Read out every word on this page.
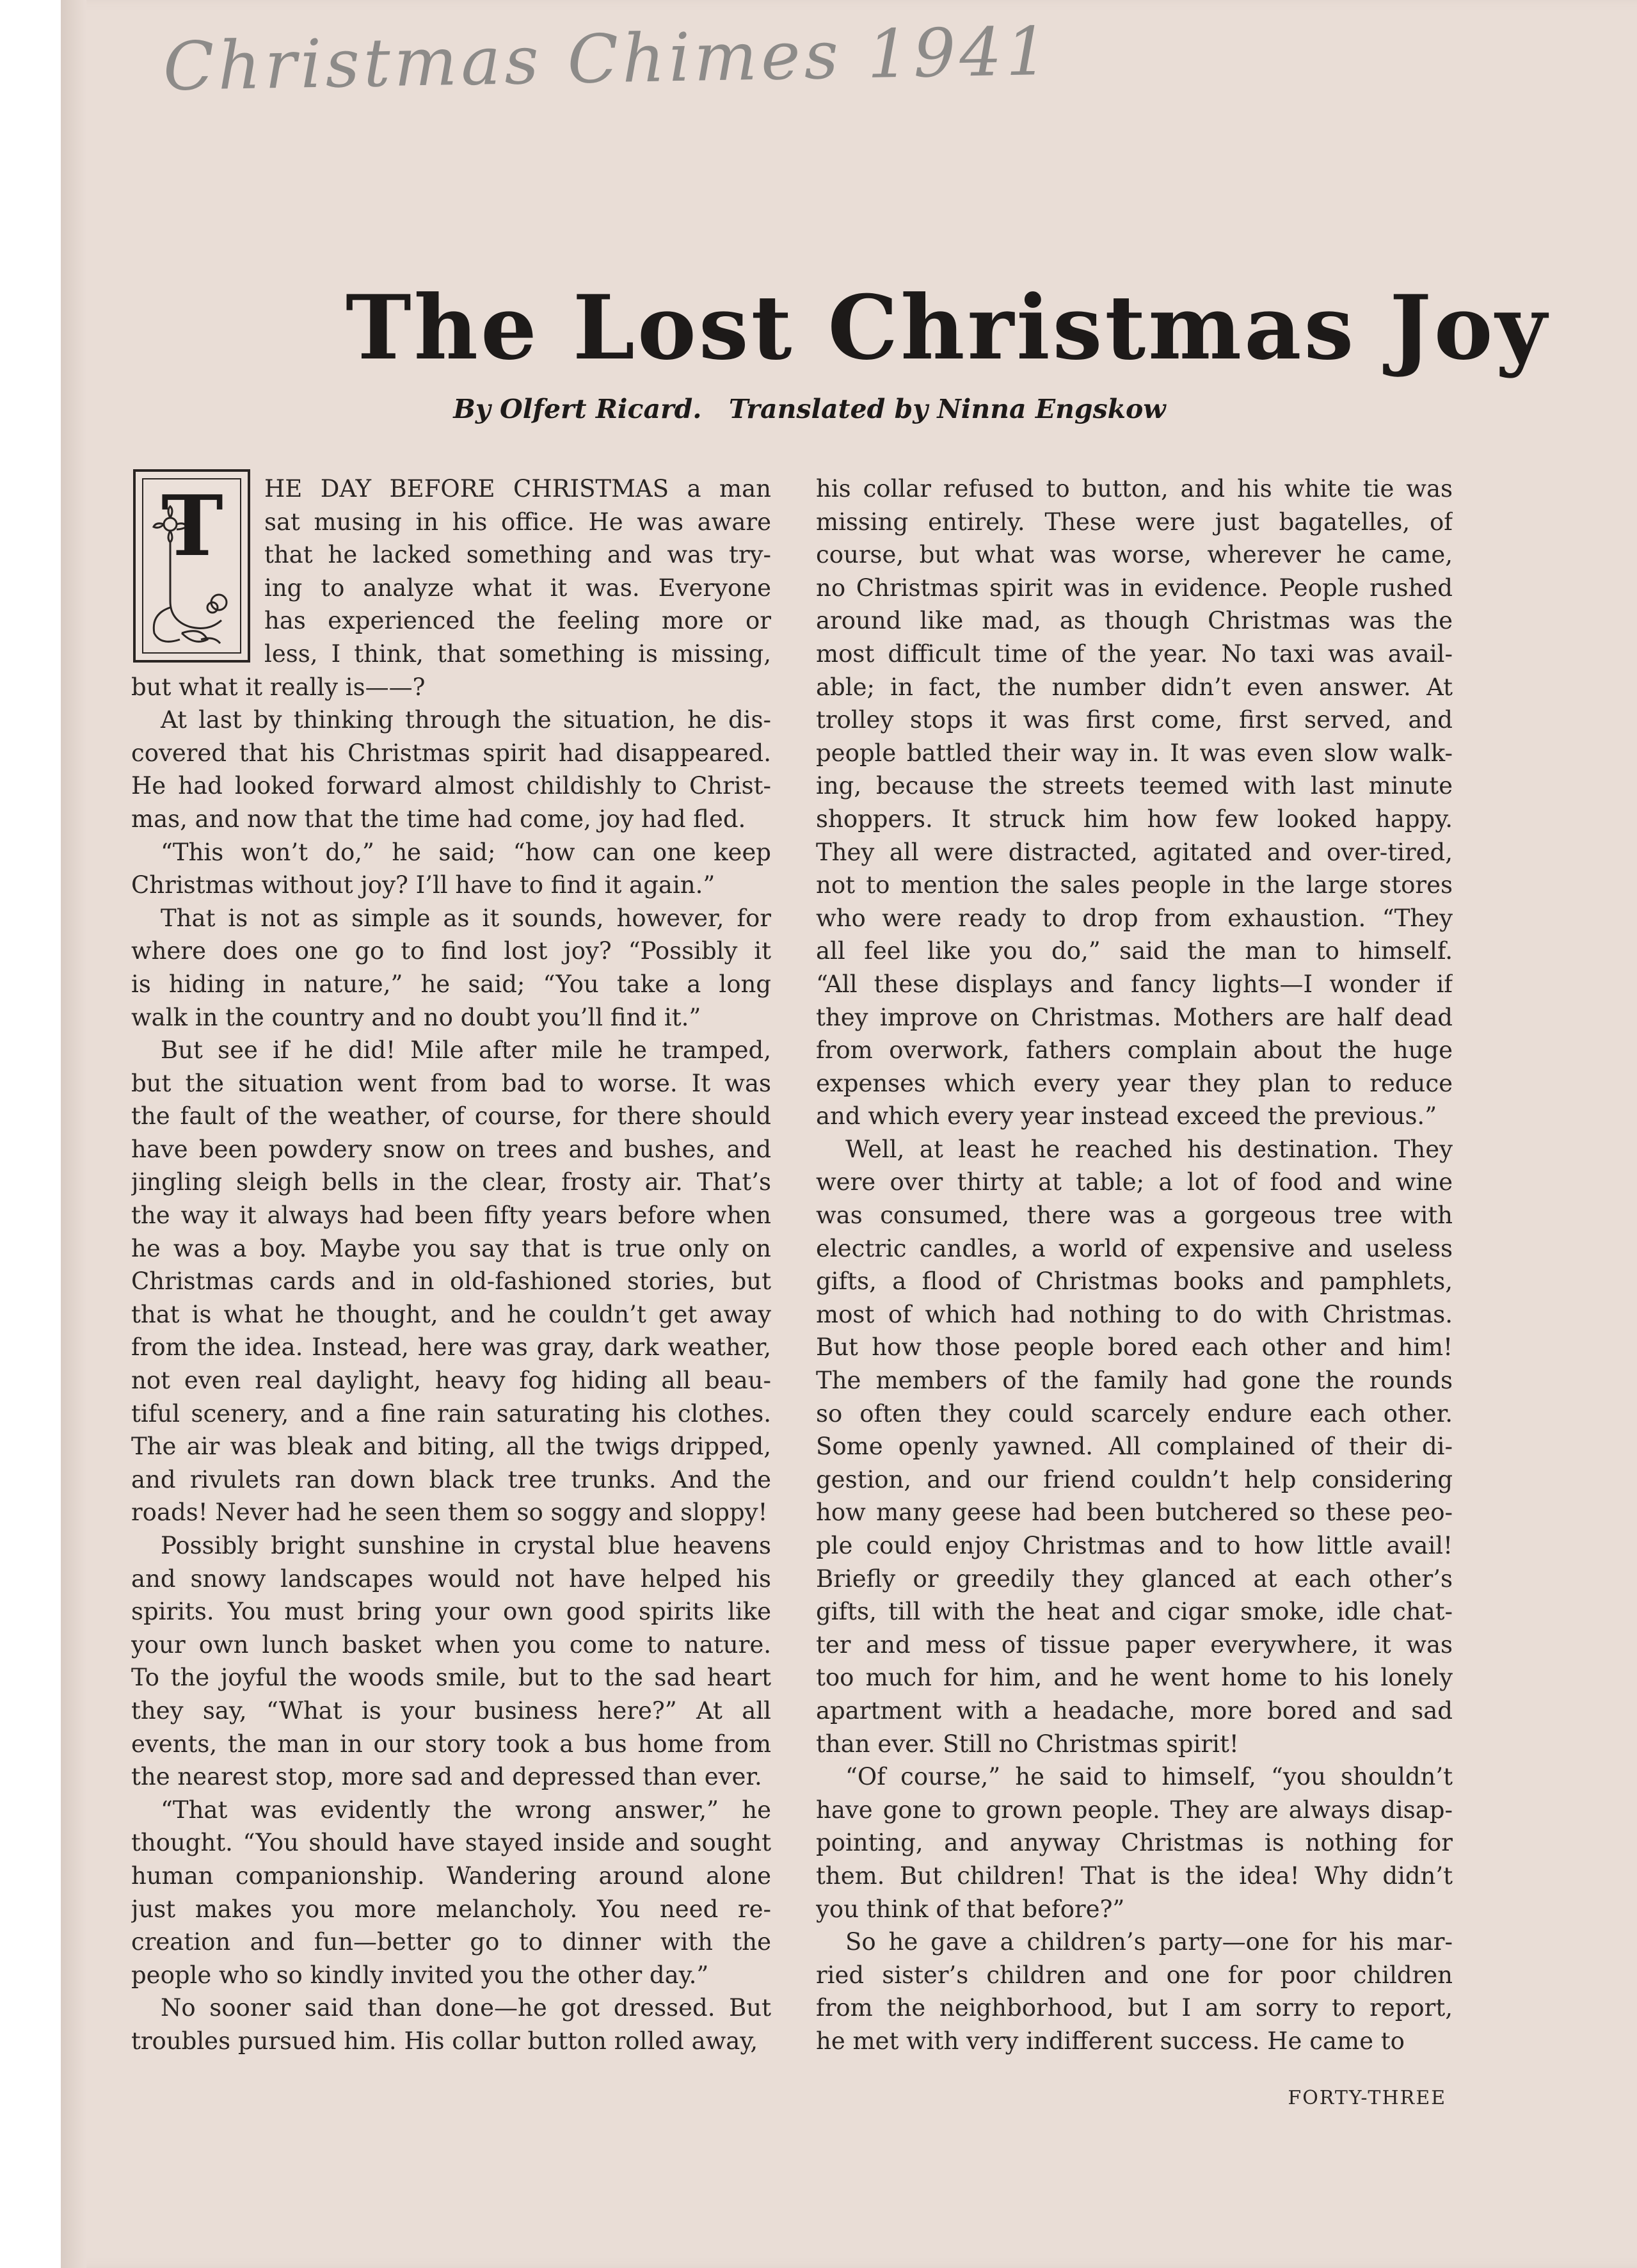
Christmas Chimes 1941
The Lost Christmas Joy
By Olfert Ricard. Translated by Ninna Engskow
T	HE DAY BEFORE CHRISTMAS a man
sat musing in his office. He was aware
that he lacked something and was try-
ing to analyze what it was. Everyone
has experienced the feeling more or
less, I think, that something is missing,
but what it really is——?
At last by thinking through the situation, he dis-
covered that his Christmas spirit had disappeared.
He had looked forward almost childishly to Christ-
mas, and now that the time had come, joy had fled.
“This won’t do,” he said; “how can one keep
Christmas without joy? I’ll have to find it again.”
That is not as simple as it sounds, however, for
where does one go to find lost joy? “Possibly it
is hiding in nature,” he said; “You take a long
walk in the country and no doubt you’ll find it.”
But see if he did! Mile after mile he tramped,
but the situation went from bad to worse. It was
the fault of the weather, of course, for there should
have been powdery snow on trees and bushes, and
jingling sleigh bells in the clear, frosty air. That’s
the way it always had been fifty years before when
he was a boy. Maybe you say that is true only on
Christmas cards and in old-fashioned stories, but
that is what he thought, and he couldn’t get away
from the idea. Instead, here was gray, dark weather,
not even real daylight, heavy fog hiding all beau-
tiful scenery, and a fine rain saturating his clothes.
The air was bleak and biting, all the twigs dripped,
and rivulets ran down black tree trunks. And the
roads! Never had he seen them so soggy and sloppy!
Possibly bright sunshine in crystal blue heavens
and snowy landscapes would not have helped his
spirits. You must bring your own good spirits like
your own lunch basket when you come to nature.
To the joyful the woods smile, but to the sad heart
they say, “What is your business here?” At all
events, the man in our story took a bus home from
the nearest stop, more sad and depressed than ever.
“That was evidently the wrong answer,” he
thought. “You should have stayed inside and sought
human companionship. Wandering around alone
just makes you more melancholy. You need re-
creation and fun—better go to dinner with the
people who so kindly invited you the other day.”
No sooner said than done—he got dressed. But
troubles pursued him. His collar button rolled away,
his collar refused to button, and his white tie was
missing entirely. These were just bagatelles, of
course, but what was worse, wherever he came,
no Christmas spirit was in evidence. People rushed
around like mad, as though Christmas was the
most difficult time of the year. No taxi was avail-
able; in fact, the number didn’t even answer. At
trolley stops it was first come, first served, and
people battled their way in. It was even slow walk-
ing, because the streets teemed with last minute
shoppers. It struck him how few looked happy.
They all were distracted, agitated and over-tired,
not to mention the sales people in the large stores
who were ready to drop from exhaustion. “They
all feel like you do,” said the man to himself.
“All these displays and fancy lights—I wonder if
they improve on Christmas. Mothers are half dead
from overwork, fathers complain about the huge
expenses which every year they plan to reduce
and which every year instead exceed the previous.”
Well, at least he reached his destination. They
were over thirty at table; a lot of food and wine
was consumed, there was a gorgeous tree with
electric candles, a world of expensive and useless
gifts, a flood of Christmas books and pamphlets,
most of which had nothing to do with Christmas.
But how those people bored each other and him!
The members of the family had gone the rounds
so often they could scarcely endure each other.
Some openly yawned. All complained of their di-
gestion, and our friend couldn’t help considering
how many geese had been butchered so these peo-
ple could enjoy Christmas and to how little avail!
Briefly or greedily they glanced at each other’s
gifts, till with the heat and cigar smoke, idle chat-
ter and mess of tissue paper everywhere, it was
too much for him, and he went home to his lonely
apartment with a headache, more bored and sad
than ever. Still no Christmas spirit!
“Of course,” he said to himself, “you shouldn’t
have gone to grown people. They are always disap-
pointing, and anyway Christmas is nothing for
them. But children! That is the idea! Why didn’t
you think of that before?”
So he gave a children’s party—one for his mar-
ried sister’s children and one for poor children
from the neighborhood, but I am sorry to report,
he met with very indifferent success. He came to
FORTY-THREE
